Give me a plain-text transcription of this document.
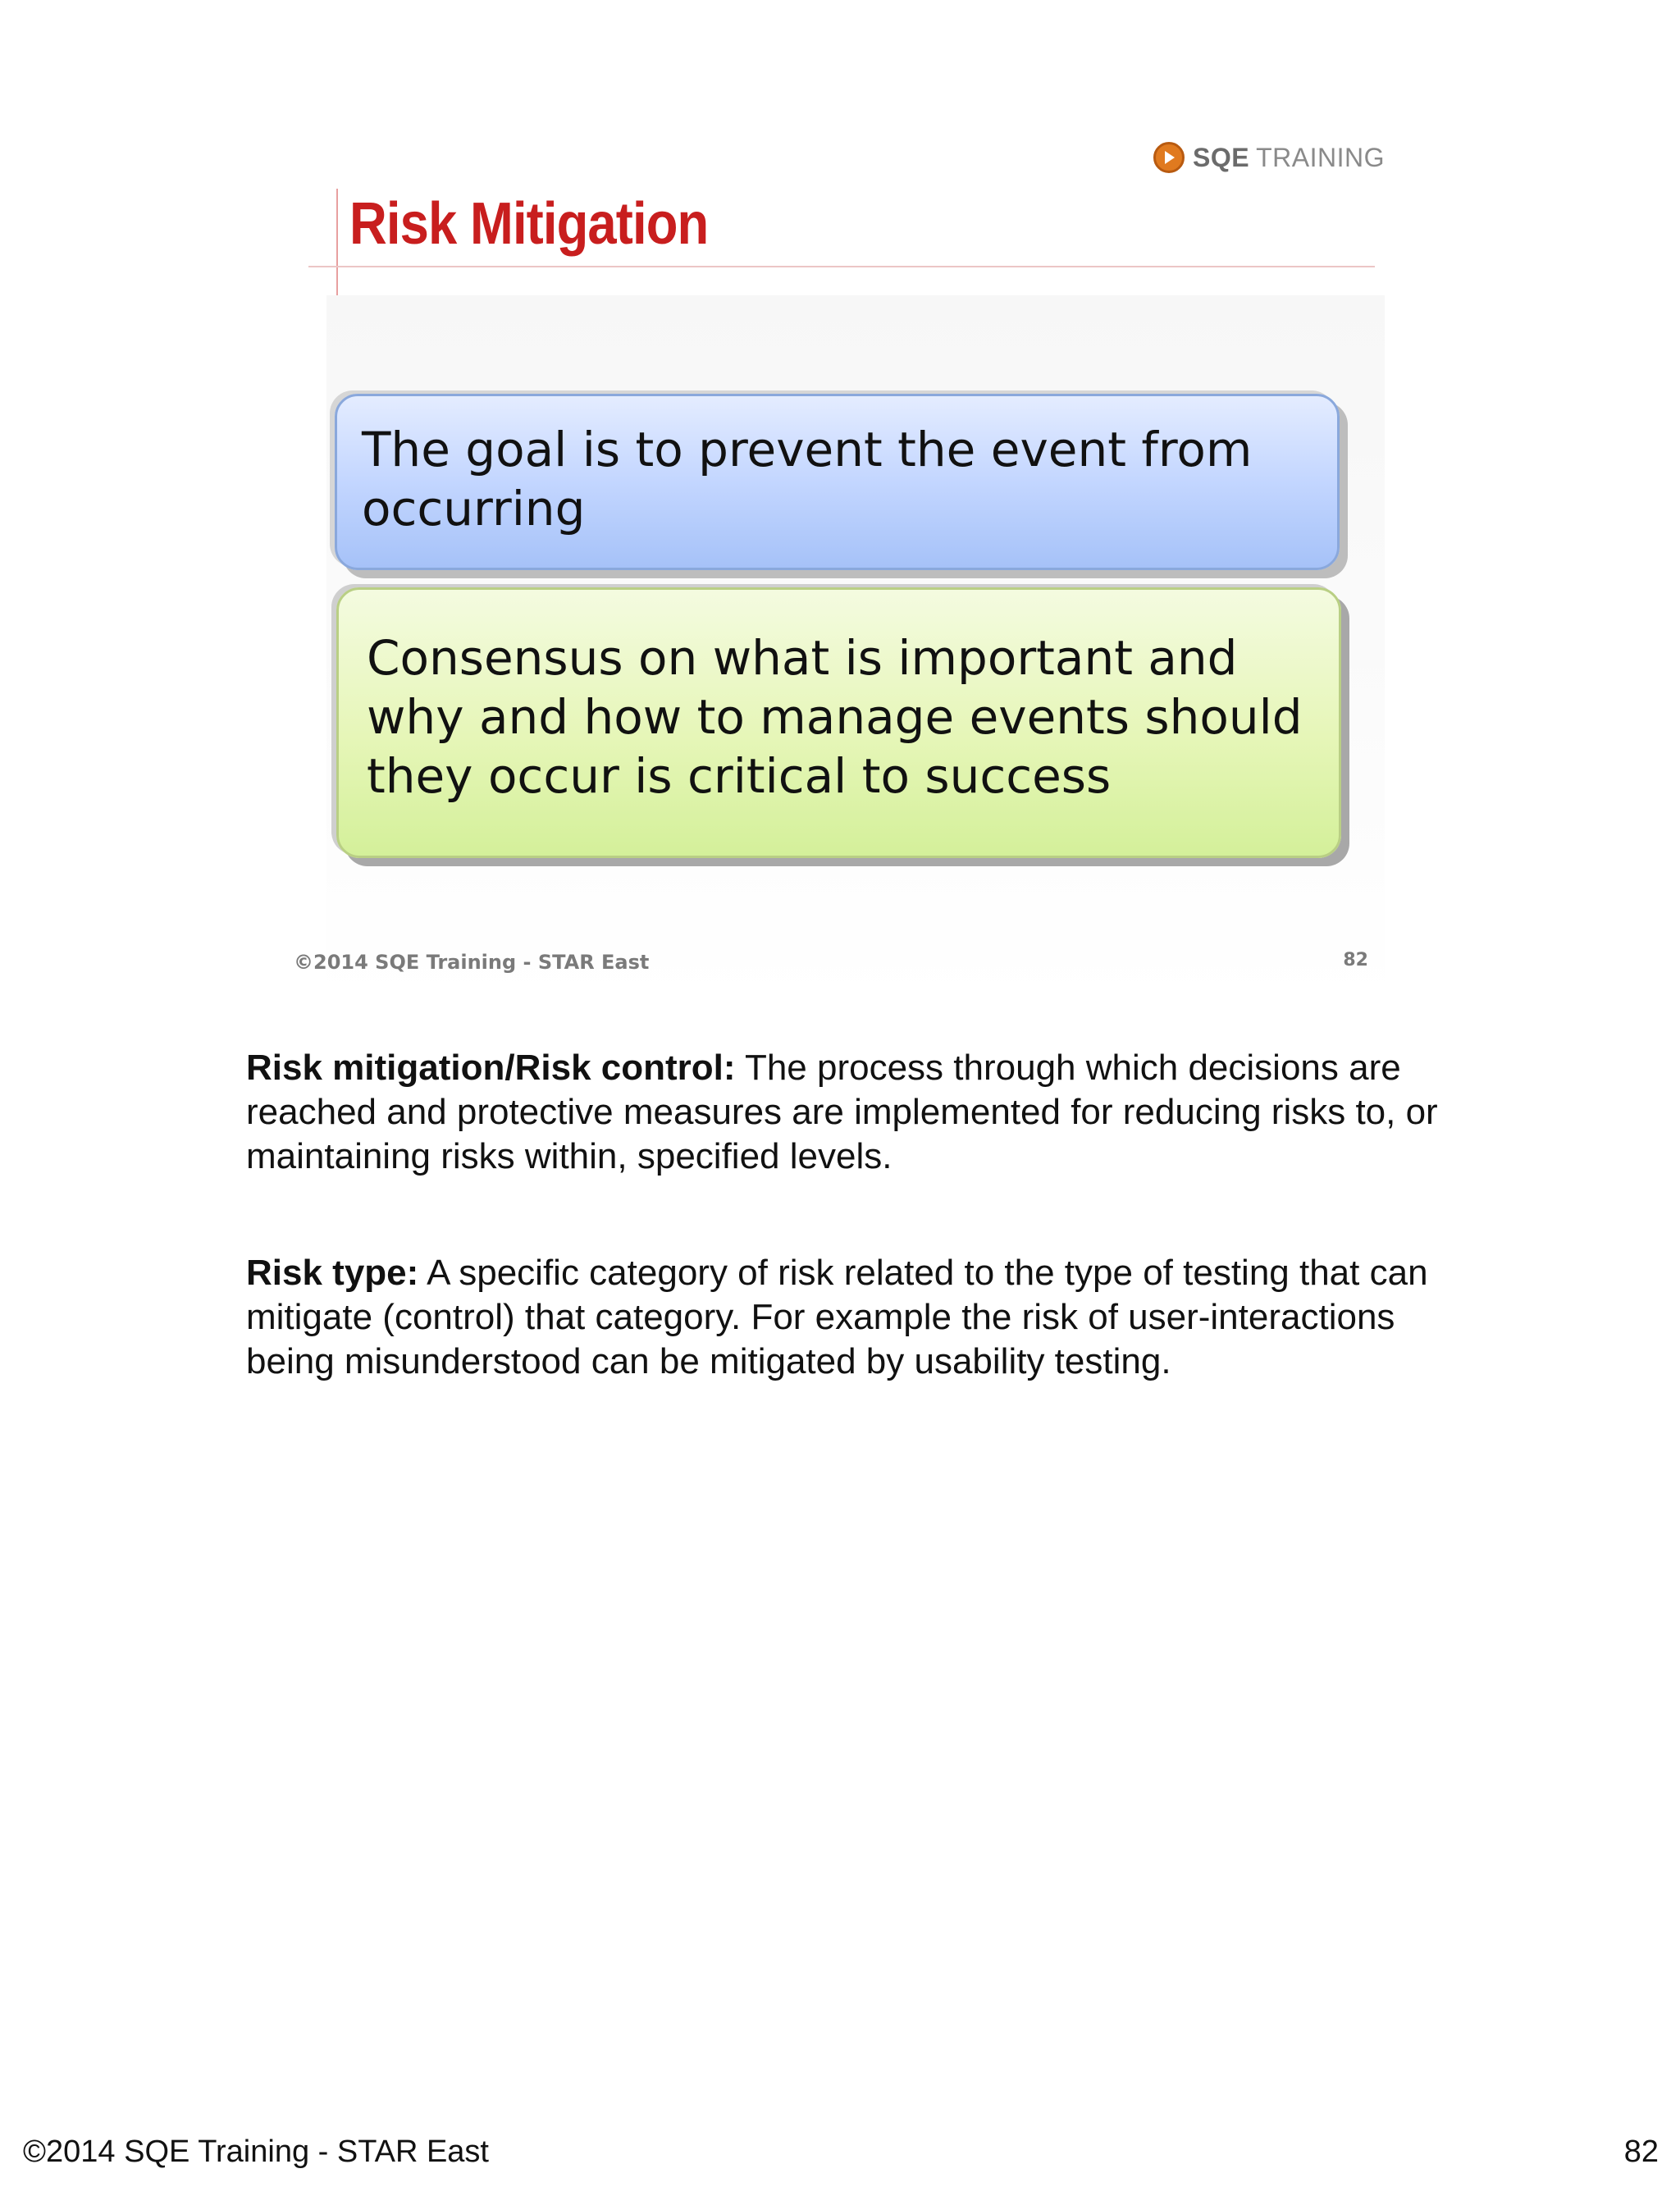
SQE TRAINING
Risk Mitigation
The goal is to prevent the event from occurring
Consensus on what is important and why and how to manage events should they occur is critical to success
©2014 SQE Training - STAR East	82

Risk mitigation/Risk control: The process through which decisions are reached and protective measures are implemented for reducing risks to, or maintaining risks within, specified levels.

Risk type: A specific category of risk related to the type of testing that can mitigate (control) that category. For example the risk of user-interactions being misunderstood can be mitigated by usability testing.

©2014 SQE Training - STAR East	82
